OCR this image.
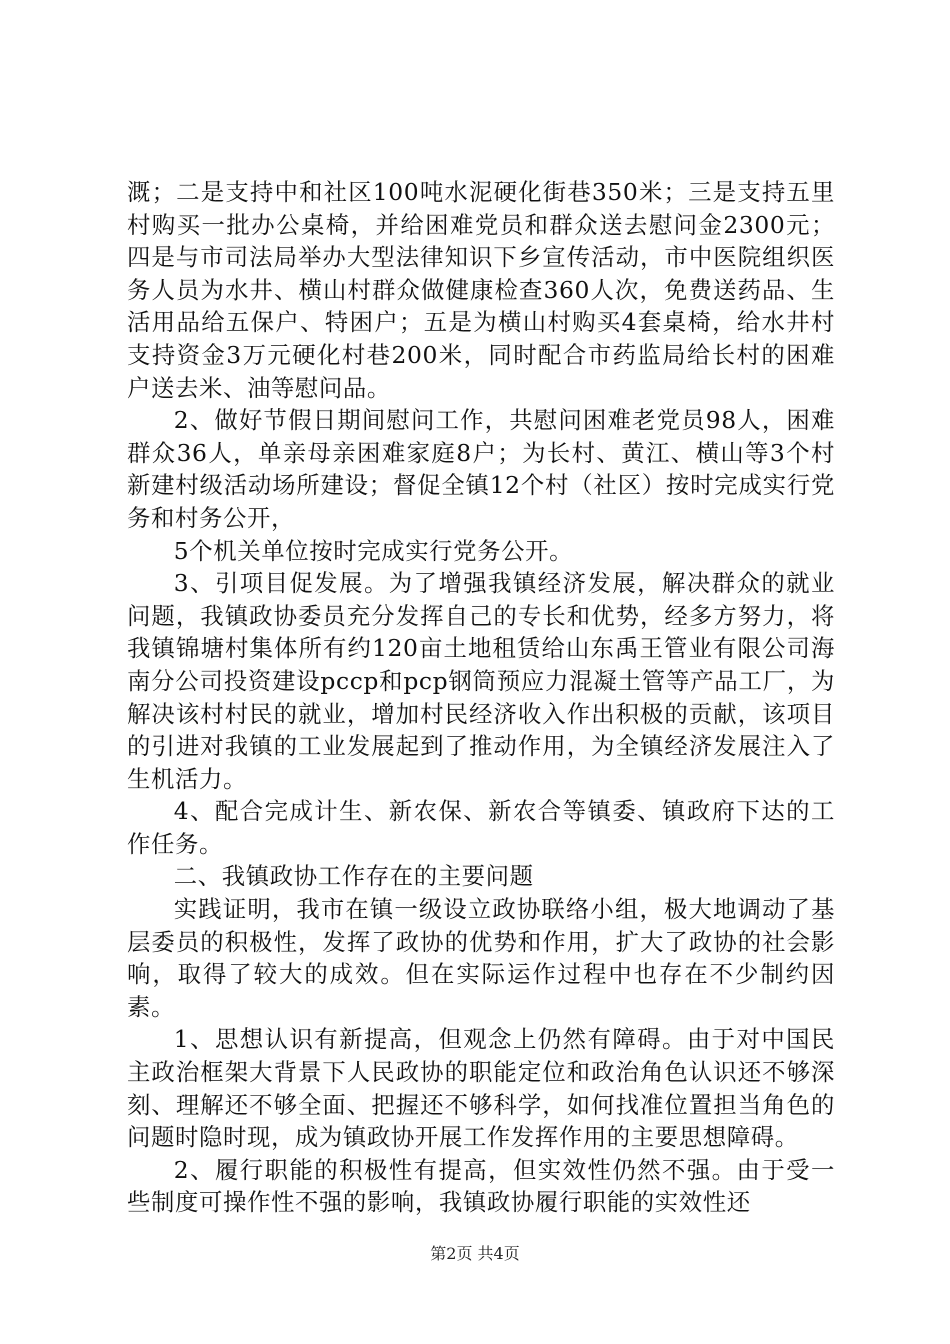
溉；二是支持中和社区100吨水泥硬化街巷350米；三是支持五里村购买一批办公桌椅，并给困难党员和群众送去慰问金2300元；四是与市司法局举办大型法律知识下乡宣传活动，市中医院组织医务人员为水井、横山村群众做健康检查360人次，免费送药品、生活用品给五保户、特困户；五是为横山村购买4套桌椅，给水井村支持资金3万元硬化村巷200米，同时配合市药监局给长村的困难户送去米、油等慰问品。

2、做好节假日期间慰问工作，共慰问困难老党员98人，困难群众36人，单亲母亲困难家庭8户；为长村、黄江、横山等3个村新建村级活动场所建设；督促全镇12个村（社区）按时完成实行党务和村务公开，

5个机关单位按时完成实行党务公开。

3、引项目促发展。为了增强我镇经济发展，解决群众的就业问题，我镇政协委员充分发挥自己的专长和优势，经多方努力，将我镇锦塘村集体所有约120亩土地租赁给山东禹王管业有限公司海南分公司投资建设pccp和pcp钢筒预应力混凝土管等产品工厂，为解决该村村民的就业，增加村民经济收入作出积极的贡献，该项目的引进对我镇的工业发展起到了推动作用，为全镇经济发展注入了生机活力。

4、配合完成计生、新农保、新农合等镇委、镇政府下达的工作任务。

二、我镇政协工作存在的主要问题

实践证明，我市在镇一级设立政协联络小组，极大地调动了基层委员的积极性，发挥了政协的优势和作用，扩大了政协的社会影响，取得了较大的成效。但在实际运作过程中也存在不少制约因素。

1、思想认识有新提高，但观念上仍然有障碍。由于对中国民主政治框架大背景下人民政协的职能定位和政治角色认识还不够深刻、理解还不够全面、把握还不够科学，如何找准位置担当角色的问题时隐时现，成为镇政协开展工作发挥作用的主要思想障碍。

2、履行职能的积极性有提高，但实效性仍然不强。由于受一些制度可操作性不强的影响，我镇政协履行职能的实效性还

第2页 共4页
